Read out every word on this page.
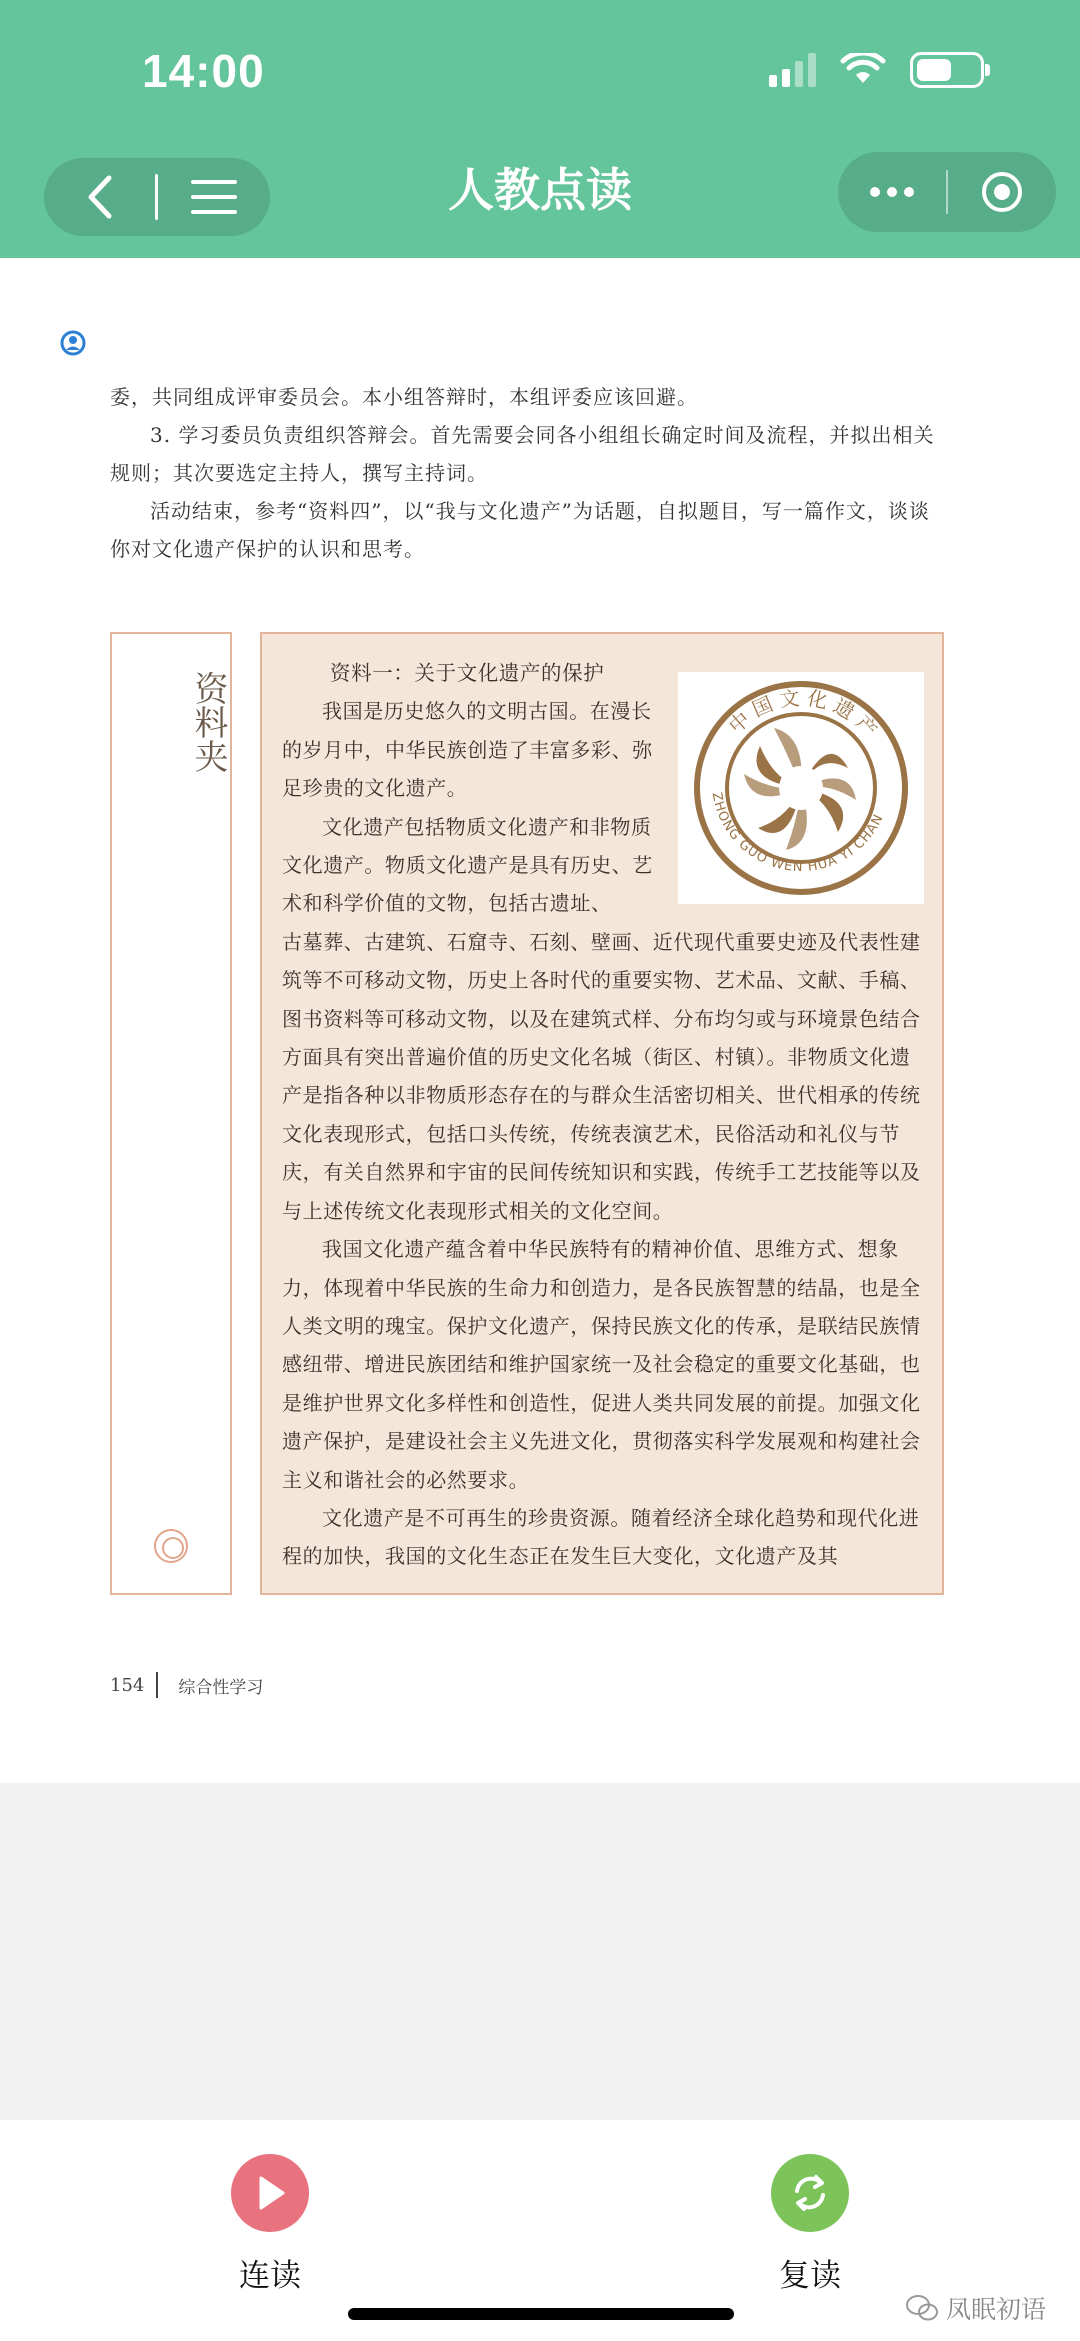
14:00
人教点读

委，共同组成评审委员会。本小组答辩时，本组评委应该回避。

3. 学习委员负责组织答辩会。首先需要会同各小组组长确定时间及流程，并拟出相关规则；其次要选定主持人，撰写主持词。

活动结束，参考“资料四”，以“我与文化遗产”为话题，自拟题目，写一篇作文，谈谈你对文化遗产保护的认识和思考。

资料夹	中国文化遗产
ZHONG GUO WEN HUA YI CHAN
资料一：关于文化遗产的保护

我国是历史悠久的文明古国。在漫长的岁月中，中华民族创造了丰富多彩、弥足珍贵的文化遗产。

文化遗产包括物质文化遗产和非物质文化遗产。物质文化遗产是具有历史、艺术和科学价值的文物，包括古遗址、

古墓葬、古建筑、石窟寺、石刻、壁画、近代现代重要史迹及代表性建筑等不可移动文物，历史上各时代的重要实物、艺术品、文献、手稿、图书资料等可移动文物，以及在建筑式样、分布均匀或与环境景色结合方面具有突出普遍价值的历史文化名城（街区、村镇）。非物质文化遗产是指各种以非物质形态存在的与群众生活密切相关、世代相承的传统文化表现形式，包括口头传统，传统表演艺术，民俗活动和礼仪与节庆，有关自然界和宇宙的民间传统知识和实践，传统手工艺技能等以及与上述传统文化表现形式相关的文化空间。

我国文化遗产蕴含着中华民族特有的精神价值、思维方式、想象力，体现着中华民族的生命力和创造力，是各民族智慧的结晶，也是全人类文明的瑰宝。保护文化遗产，保持民族文化的传承，是联结民族情感纽带、增进民族团结和维护国家统一及社会稳定的重要文化基础，也是维护世界文化多样性和创造性，促进人类共同发展的前提。加强文化遗产保护，是建设社会主义先进文化，贯彻落实科学发展观和构建社会主义和谐社会的必然要求。

文化遗产是不可再生的珍贵资源。随着经济全球化趋势和现代化进程的加快，我国的文化生态正在发生巨大变化，文化遗产及其

154 综合性学习
连读	复读
凤眠初语
